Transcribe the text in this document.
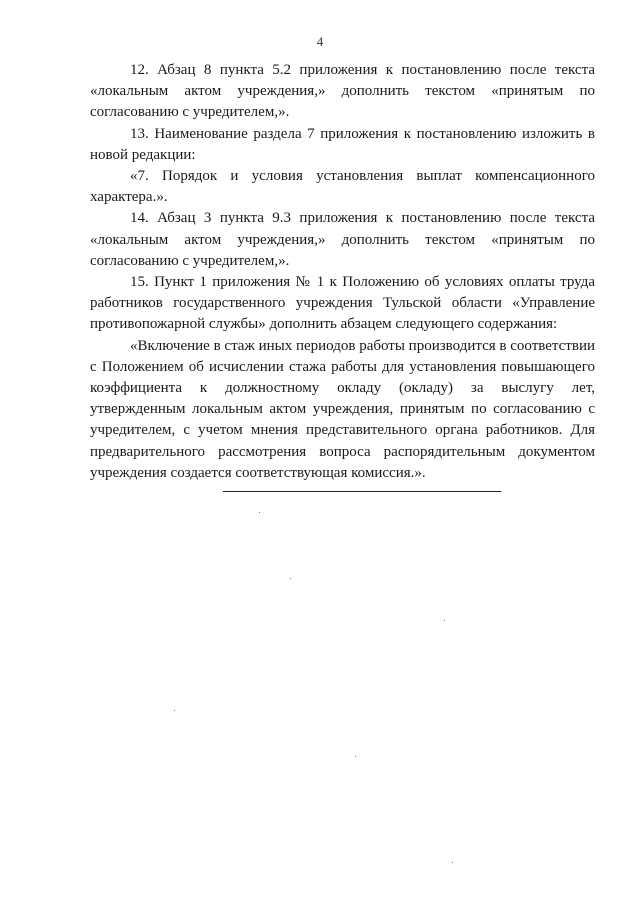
4

12. Абзац 8 пункта 5.2 приложения к постановлению после текста «локальным актом учреждения,» дополнить текстом «принятым по согласованию с учредителем,».

13. Наименование раздела 7 приложения к постановлению изложить в новой редакции:

«7. Порядок и условия установления выплат компенсационного характера.».

14. Абзац 3 пункта 9.3 приложения к постановлению после текста «локальным актом учреждения,» дополнить текстом «принятым по согласованию с учредителем,».

15. Пункт 1 приложения № 1 к Положению об условиях оплаты труда работников государственного учреждения Тульской области «Управление противопожарной службы» дополнить абзацем следующего содержания:

«Включение в стаж иных периодов работы производится в соответствии с Положением об исчислении стажа работы для установления повышающего коэффициента к должностному окладу (окладу) за выслугу лет, утвержденным локальным актом учреждения, принятым по согласованию с учредителем, с учетом мнения представительного органа работников. Для предварительного рассмотрения вопроса распорядительным документом учреждения создается соответствующая комиссия.».
